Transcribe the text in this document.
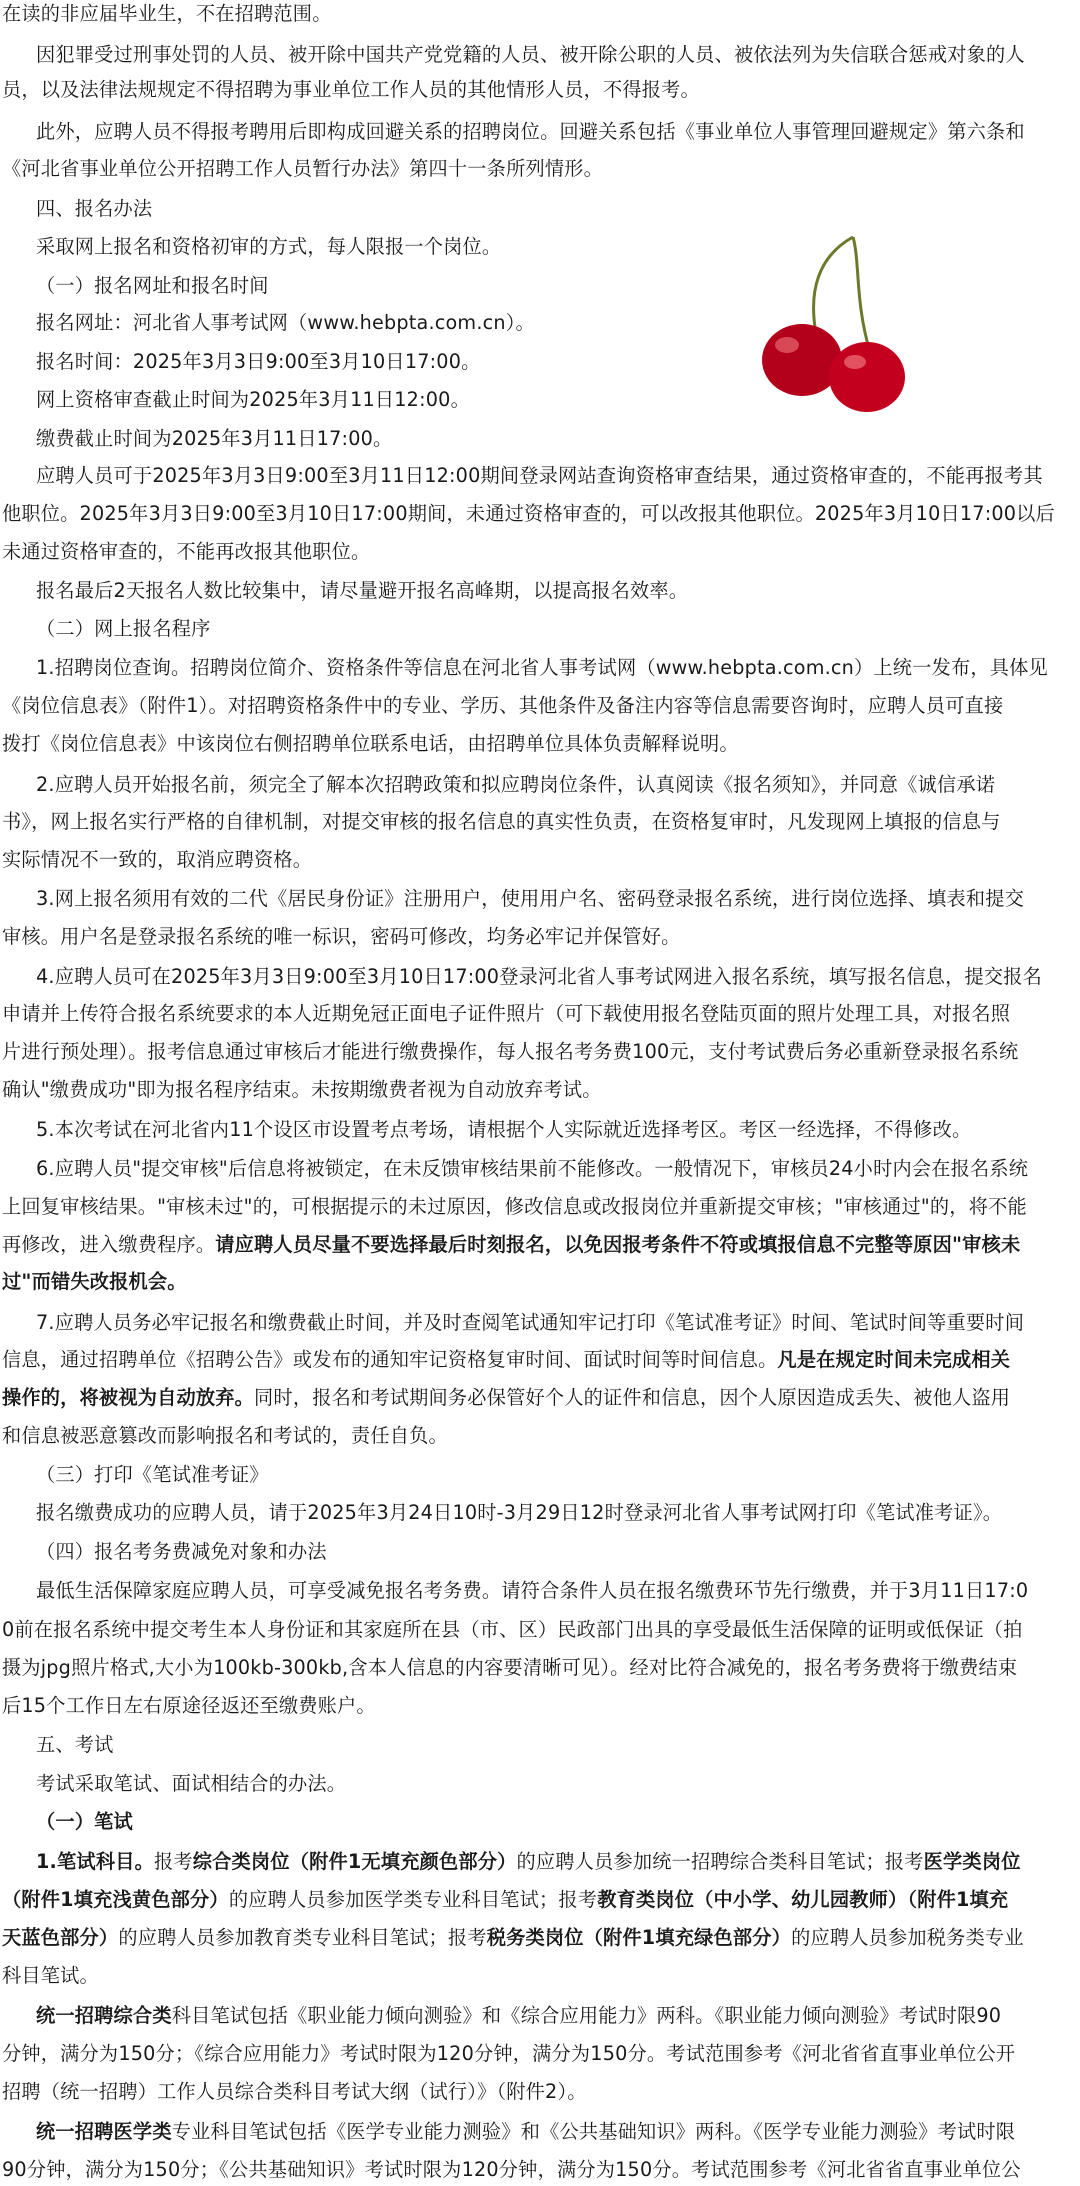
在读的非应届毕业生，不在招聘范围。
因犯罪受过刑事处罚的人员、被开除中国共产党党籍的人员、被开除公职的人员、被依法列为失信联合惩戒对象的人
员，以及法律法规规定不得招聘为事业单位工作人员的其他情形人员，不得报考。
此外，应聘人员不得报考聘用后即构成回避关系的招聘岗位。回避关系包括《事业单位人事管理回避规定》第六条和
《河北省事业单位公开招聘工作人员暂行办法》第四十一条所列情形。
四、报名办法
采取网上报名和资格初审的方式，每人限报一个岗位。
（一）报名网址和报名时间
报名网址：河北省人事考试网（www.hebpta.com.cn）。
报名时间：2025年3月3日9:00至3月10日17:00。
网上资格审查截止时间为2025年3月11日12:00。
缴费截止时间为2025年3月11日17:00。
应聘人员可于2025年3月3日9:00至3月11日12:00期间登录网站查询资格审查结果，通过资格审查的，不能再报考其
他职位。2025年3月3日9:00至3月10日17:00期间，未通过资格审查的，可以改报其他职位。2025年3月10日17:00以后
未通过资格审查的，不能再改报其他职位。
报名最后2天报名人数比较集中，请尽量避开报名高峰期，以提高报名效率。
（二）网上报名程序
1.招聘岗位查询。招聘岗位简介、资格条件等信息在河北省人事考试网（www.hebpta.com.cn）上统一发布，具体见
《岗位信息表》（附件1）。对招聘资格条件中的专业、学历、其他条件及备注内容等信息需要咨询时，应聘人员可直接
拨打《岗位信息表》中该岗位右侧招聘单位联系电话，由招聘单位具体负责解释说明。
2.应聘人员开始报名前，须完全了解本次招聘政策和拟应聘岗位条件，认真阅读《报名须知》，并同意《诚信承诺
书》，网上报名实行严格的自律机制，对提交审核的报名信息的真实性负责，在资格复审时，凡发现网上填报的信息与
实际情况不一致的，取消应聘资格。
3.网上报名须用有效的二代《居民身份证》注册用户，使用用户名、密码登录报名系统，进行岗位选择、填表和提交
审核。用户名是登录报名系统的唯一标识，密码可修改，均务必牢记并保管好。
4.应聘人员可在2025年3月3日9:00至3月10日17:00登录河北省人事考试网进入报名系统，填写报名信息，提交报名
申请并上传符合报名系统要求的本人近期免冠正面电子证件照片（可下载使用报名登陆页面的照片处理工具，对报名照
片进行预处理）。报考信息通过审核后才能进行缴费操作，每人报名考务费100元，支付考试费后务必重新登录报名系统
确认"缴费成功"即为报名程序结束。未按期缴费者视为自动放弃考试。
5.本次考试在河北省内11个设区市设置考点考场，请根据个人实际就近选择考区。考区一经选择，不得修改。
6.应聘人员"提交审核"后信息将被锁定，在未反馈审核结果前不能修改。一般情况下，审核员24小时内会在报名系统
上回复审核结果。"审核未过"的，可根据提示的未过原因，修改信息或改报岗位并重新提交审核；"审核通过"的，将不能
再修改，进入缴费程序。请应聘人员尽量不要选择最后时刻报名，以免因报考条件不符或填报信息不完整等原因"审核未
过"而错失改报机会。
7.应聘人员务必牢记报名和缴费截止时间，并及时查阅笔试通知牢记打印《笔试准考证》时间、笔试时间等重要时间
信息，通过招聘单位《招聘公告》或发布的通知牢记资格复审时间、面试时间等时间信息。凡是在规定时间未完成相关
操作的，将被视为自动放弃。同时，报名和考试期间务必保管好个人的证件和信息，因个人原因造成丢失、被他人盗用
和信息被恶意篡改而影响报名和考试的，责任自负。
（三）打印《笔试准考证》
报名缴费成功的应聘人员，请于2025年3月24日10时-3月29日12时登录河北省人事考试网打印《笔试准考证》。
（四）报名考务费减免对象和办法
最低生活保障家庭应聘人员，可享受减免报名考务费。请符合条件人员在报名缴费环节先行缴费，并于3月11日17:0
0前在报名系统中提交考生本人身份证和其家庭所在县（市、区）民政部门出具的享受最低生活保障的证明或低保证（拍
摄为jpg照片格式,大小为100kb-300kb,含本人信息的内容要清晰可见）。经对比符合减免的，报名考务费将于缴费结束
后15个工作日左右原途径返还至缴费账户。
五、考试
考试采取笔试、面试相结合的办法。
（一）笔试
1.笔试科目。报考综合类岗位（附件1无填充颜色部分）的应聘人员参加统一招聘综合类科目笔试；报考医学类岗位
（附件1填充浅黄色部分）的应聘人员参加医学类专业科目笔试；报考教育类岗位（中小学、幼儿园教师）（附件1填充
天蓝色部分）的应聘人员参加教育类专业科目笔试；报考税务类岗位（附件1填充绿色部分）的应聘人员参加税务类专业
科目笔试。
统一招聘综合类科目笔试包括《职业能力倾向测验》和《综合应用能力》两科。《职业能力倾向测验》考试时限90
分钟，满分为150分；《综合应用能力》考试时限为120分钟，满分为150分。考试范围参考《河北省省直事业单位公开
招聘（统一招聘）工作人员综合类科目考试大纲（试行）》（附件2）。
统一招聘医学类专业科目笔试包括《医学专业能力测验》和《公共基础知识》两科。《医学专业能力测验》考试时限
90分钟，满分为150分；《公共基础知识》考试时限为120分钟，满分为150分。考试范围参考《河北省省直事业单位公
